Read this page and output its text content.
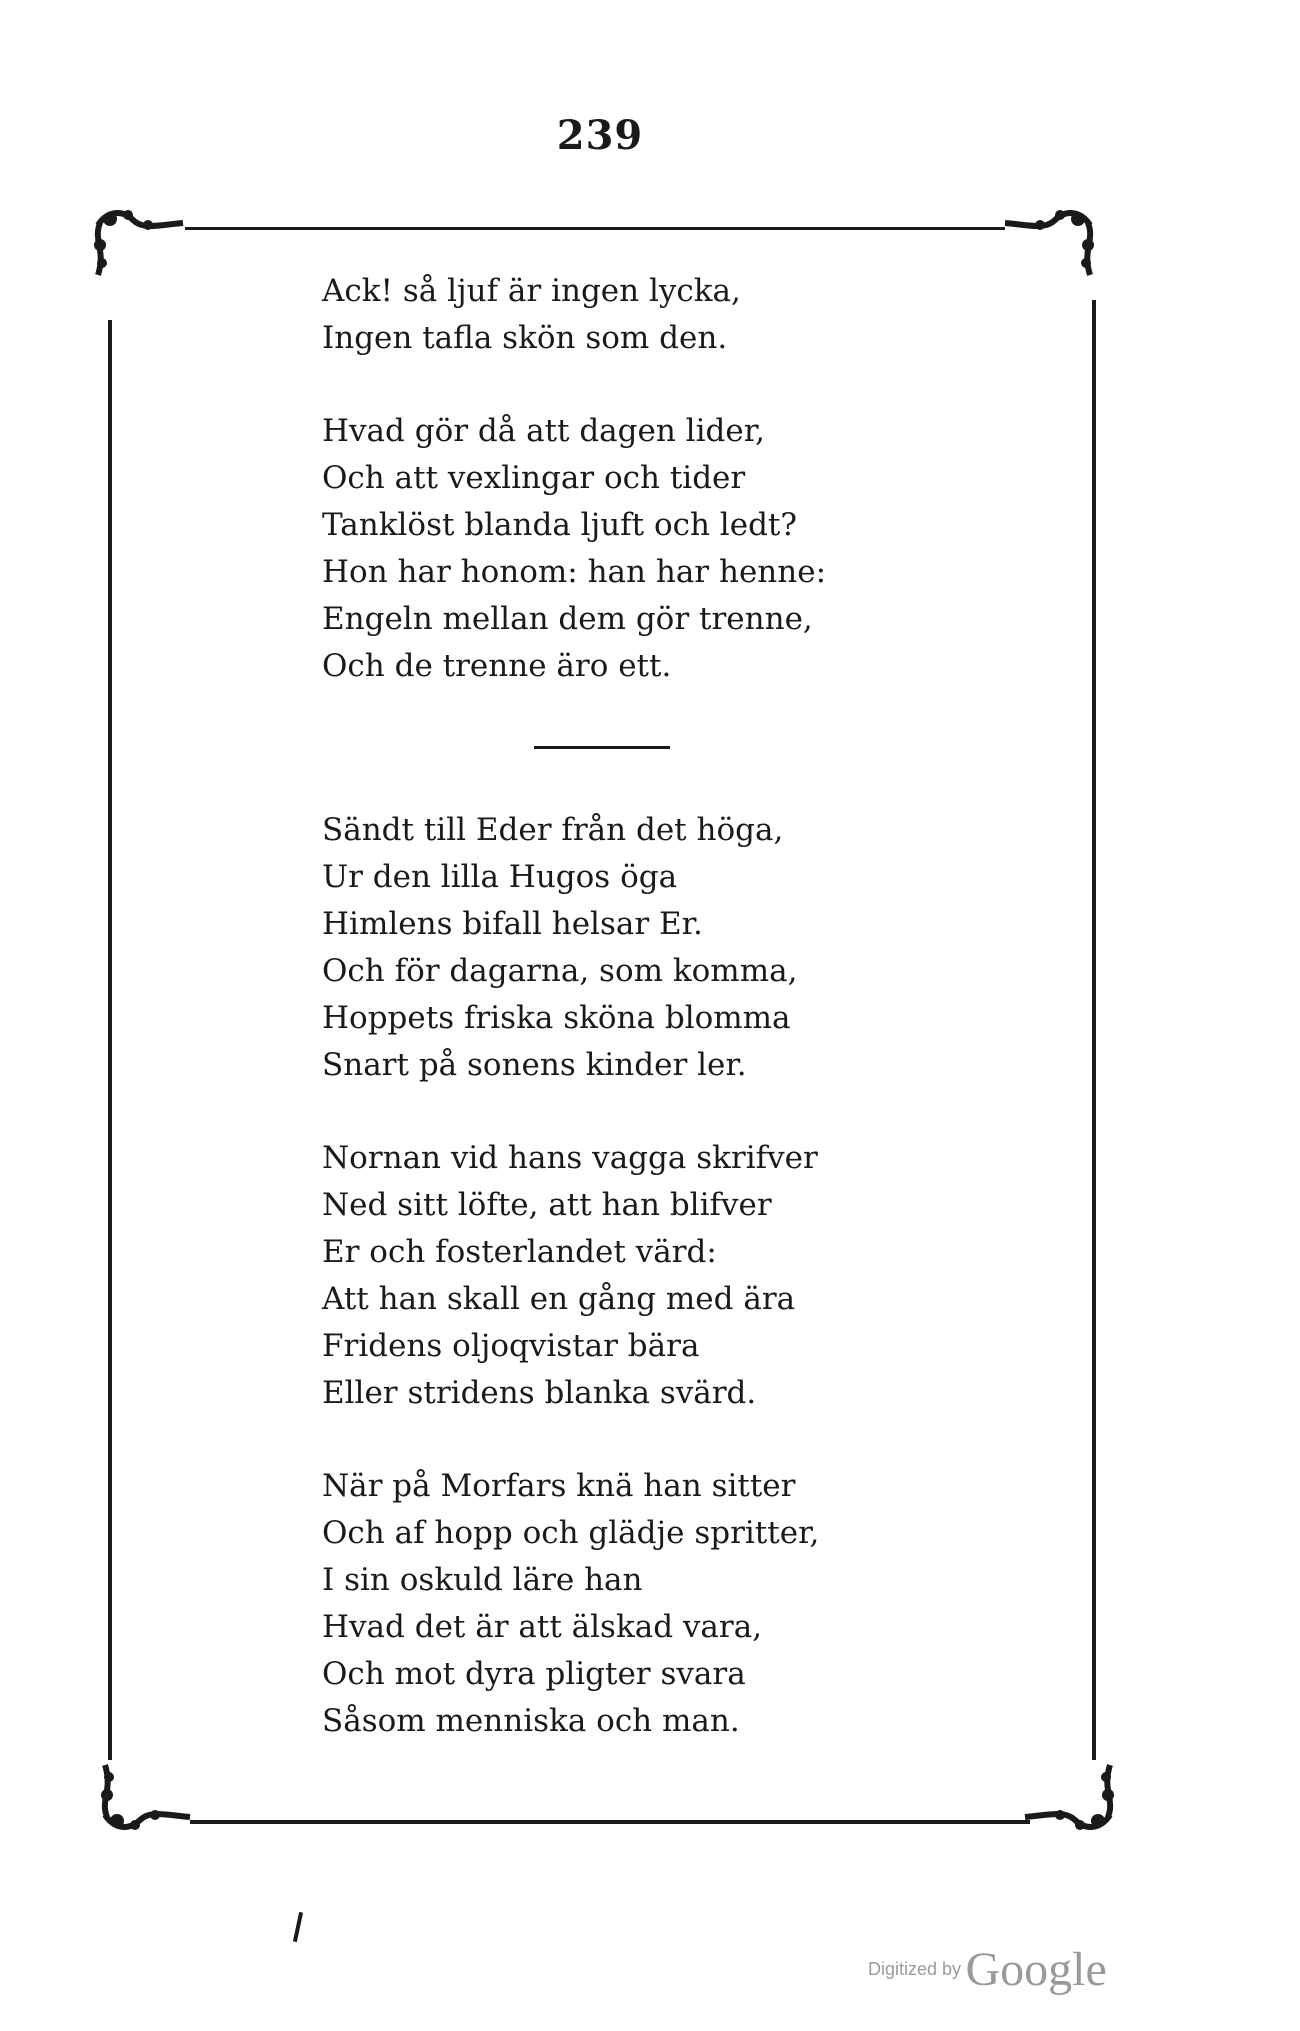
239
Ack! så ljuf är ingen lycka,
Ingen tafla skön som den.
Hvad gör då att dagen lider,
Och att vexlingar och tider
Tanklöst blanda ljuft och ledt?
Hon har honom: han har henne:
Engeln mellan dem gör trenne,
Och de trenne äro ett.
Sändt till Eder från det höga,
Ur den lilla Hugos öga
Himlens bifall helsar Er.
Och för dagarna, som komma,
Hoppets friska sköna blomma
Snart på sonens kinder ler.
Nornan vid hans vagga skrifver
Ned sitt löfte, att han blifver
Er och fosterlandet värd:
Att han skall en gång med ära
Fridens oljoqvistar bära
Eller stridens blanka svärd.
När på Morfars knä han sitter
Och af hopp och glädje spritter,
I sin oskuld läre han
Hvad det är att älskad vara,
Och mot dyra pligter svara
Såsom menniska och man.
Digitized by Google
